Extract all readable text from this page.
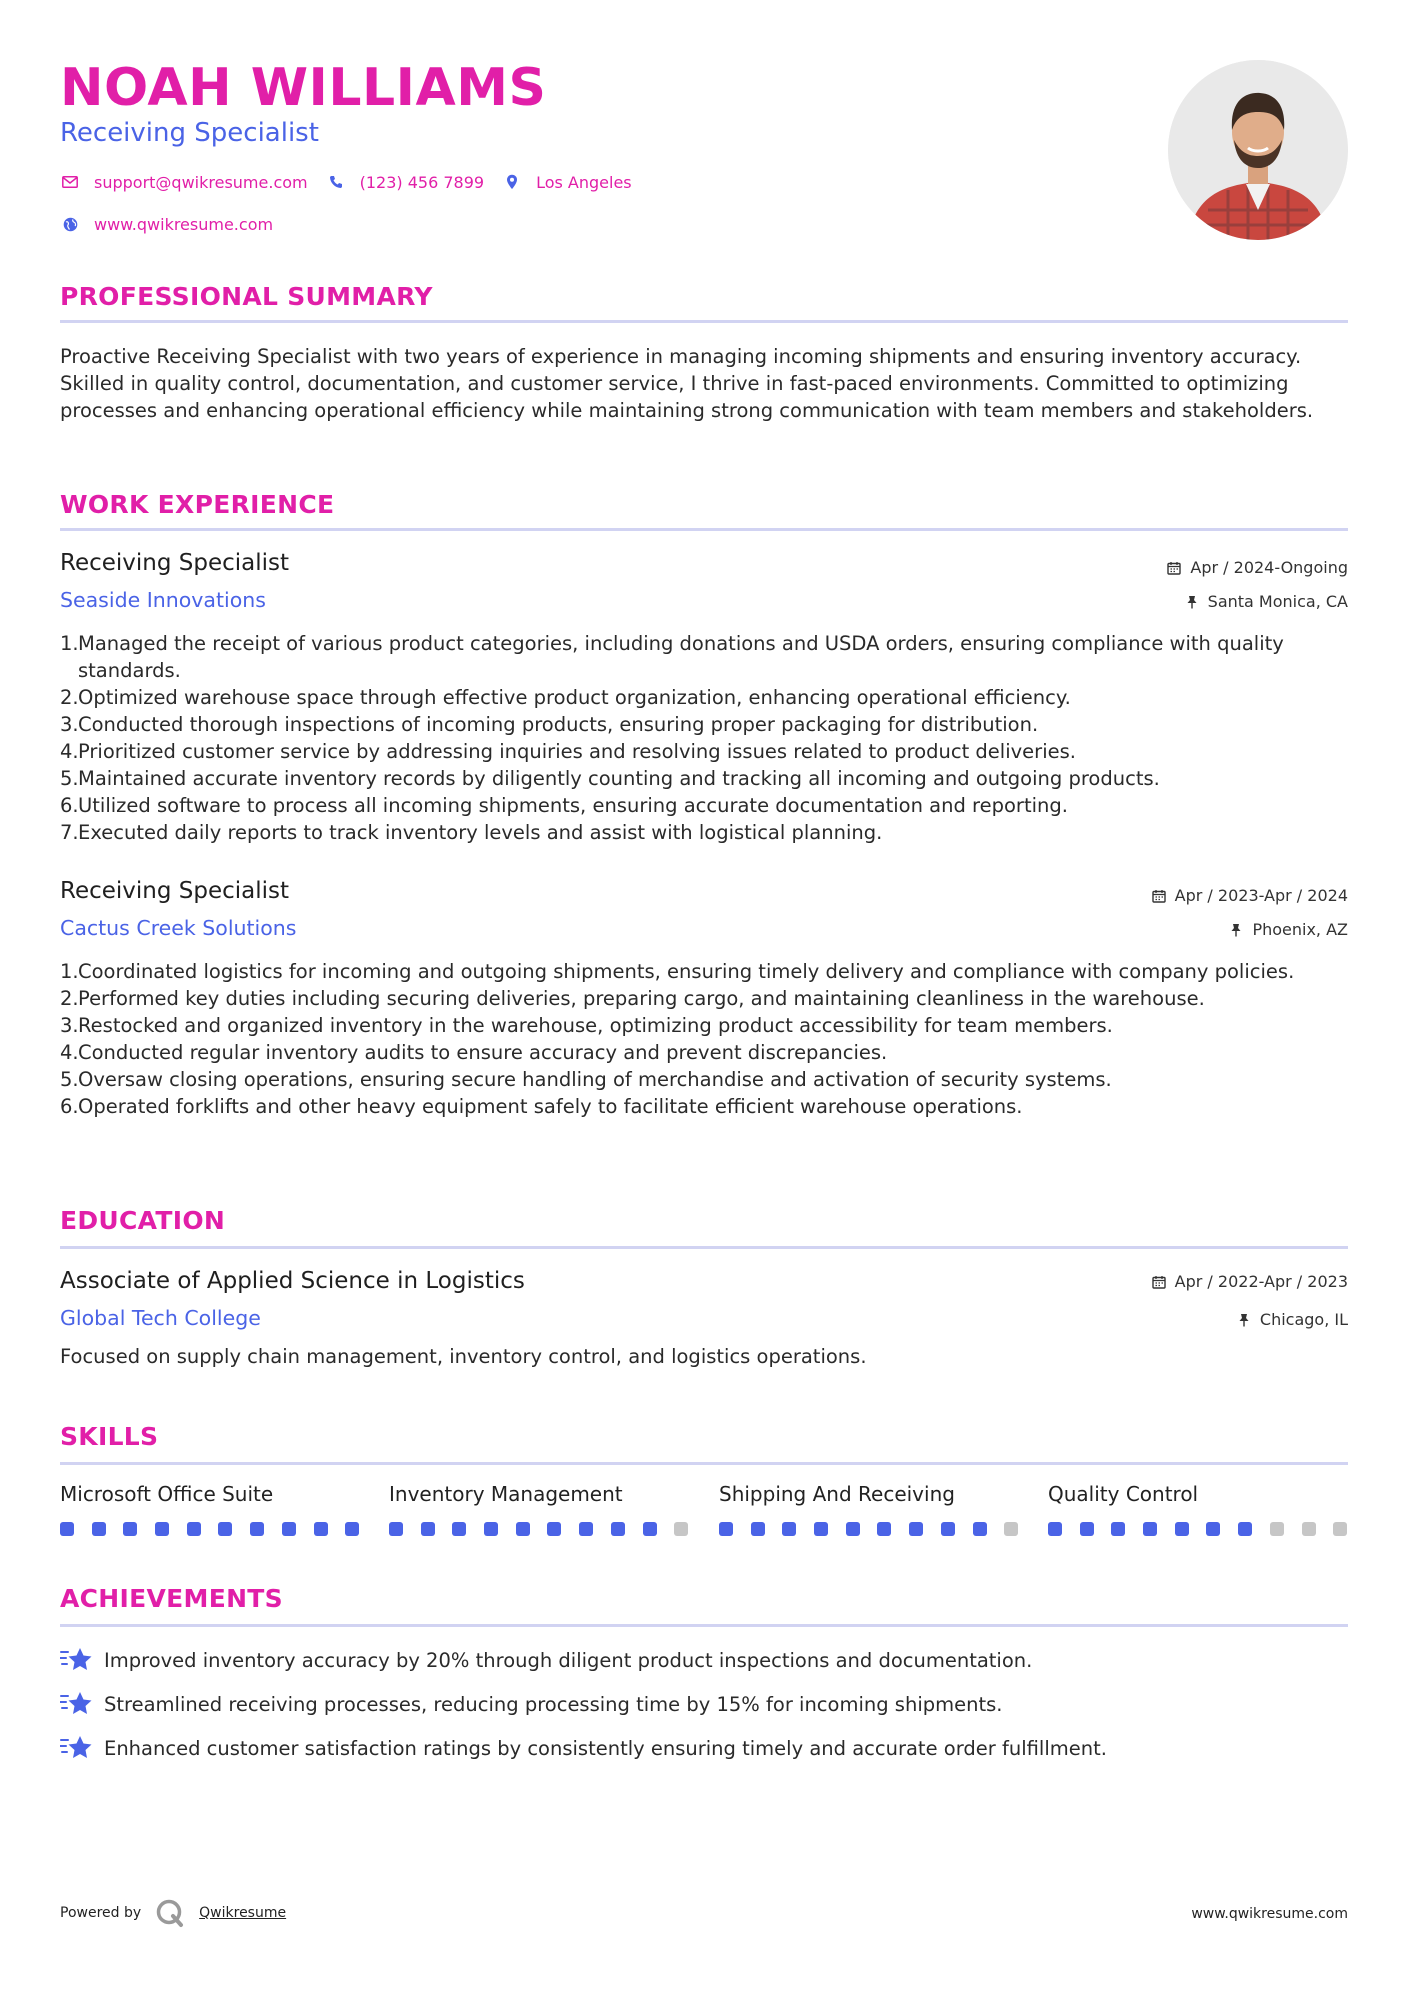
NOAH WILLIAMS
Receiving Specialist
support@qwikresume.com	(123) 456 7899	Los Angeles
www.qwikresume.com
PROFESSIONAL SUMMARY
Proactive Receiving Specialist with two years of experience in managing incoming shipments and ensuring inventory accuracy. Skilled in quality control, documentation, and customer service, I thrive in fast-paced environments. Committed to optimizing processes and enhancing operational efficiency while maintaining strong communication with team members and stakeholders.
WORK EXPERIENCE
Receiving Specialist	Apr / 2024-Ongoing
Seaside Innovations	Santa Monica, CA
1. Managed the receipt of various product categories, including donations and USDA orders, ensuring compliance with quality standards.
2. Optimized warehouse space through effective product organization, enhancing operational efficiency.
3. Conducted thorough inspections of incoming products, ensuring proper packaging for distribution.
4. Prioritized customer service by addressing inquiries and resolving issues related to product deliveries.
5. Maintained accurate inventory records by diligently counting and tracking all incoming and outgoing products.
6. Utilized software to process all incoming shipments, ensuring accurate documentation and reporting.
7. Executed daily reports to track inventory levels and assist with logistical planning.
Receiving Specialist	Apr / 2023-Apr / 2024
Cactus Creek Solutions	Phoenix, AZ
1. Coordinated logistics for incoming and outgoing shipments, ensuring timely delivery and compliance with company policies.
2. Performed key duties including securing deliveries, preparing cargo, and maintaining cleanliness in the warehouse.
3. Restocked and organized inventory in the warehouse, optimizing product accessibility for team members.
4. Conducted regular inventory audits to ensure accuracy and prevent discrepancies.
5. Oversaw closing operations, ensuring secure handling of merchandise and activation of security systems.
6. Operated forklifts and other heavy equipment safely to facilitate efficient warehouse operations.
EDUCATION
Associate of Applied Science in Logistics	Apr / 2022-Apr / 2023
Global Tech College	Chicago, IL
Focused on supply chain management, inventory control, and logistics operations.
SKILLS
Microsoft Office Suite	Inventory Management	Shipping And Receiving	Quality Control
ACHIEVEMENTS
Improved inventory accuracy by 20% through diligent product inspections and documentation.
Streamlined receiving processes, reducing processing time by 15% for incoming shipments.
Enhanced customer satisfaction ratings by consistently ensuring timely and accurate order fulfillment.
Powered by	Qwikresume	www.qwikresume.com
